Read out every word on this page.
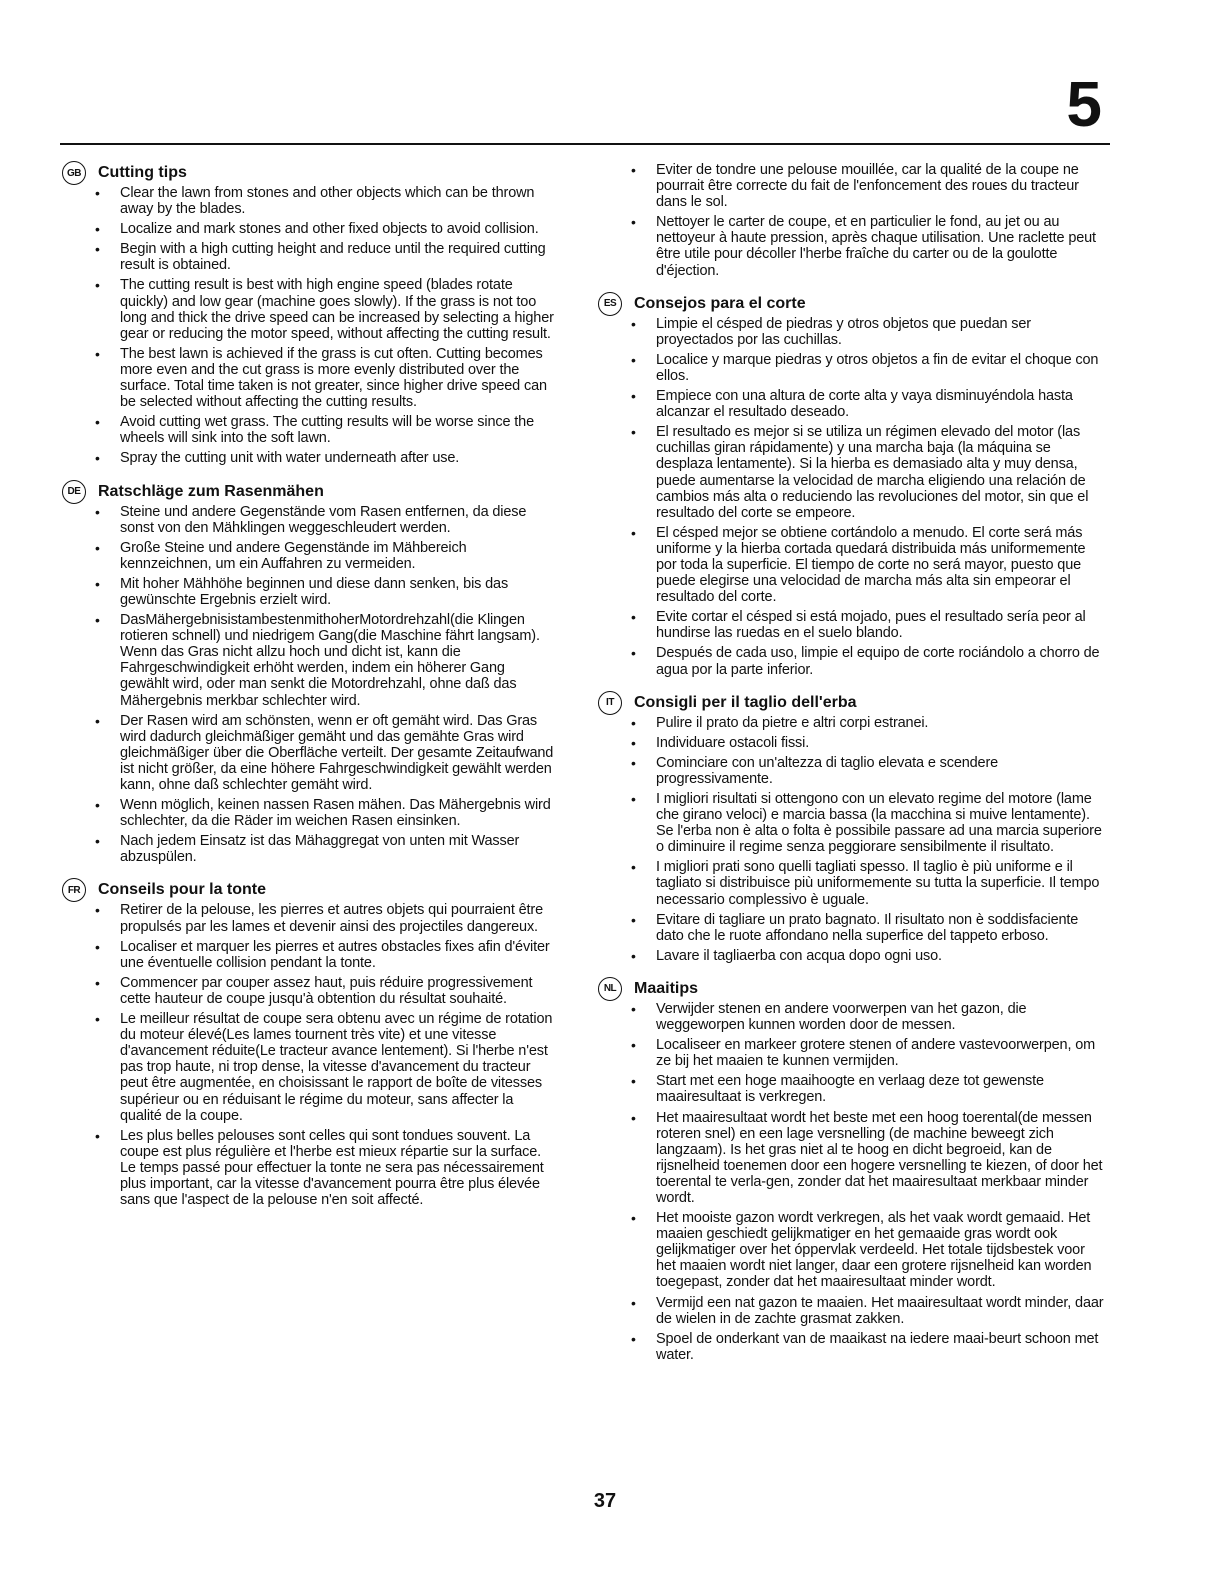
5
GB	Cutting tips
• Clear the lawn from stones and other objects which can be thrown away by the blades.
• Localize and mark stones and other fixed objects to avoid collision.
• Begin with a high cutting height and reduce until the required cutting result is obtained.
• The cutting result is best with high engine speed (blades rotate quickly) and low gear (machine goes slowly). If the grass is not too long and thick the drive speed can be increased by selecting a higher gear or reducing the motor speed, without affecting the cutting result.
• The best lawn is achieved if the grass is cut often. Cutting becomes more even and the cut grass is more evenly distributed over the surface. Total time taken is not greater, since higher drive speed can be selected without affecting the cutting results.
• Avoid cutting wet grass. The cutting results will be worse since the wheels will sink into the soft lawn.
• Spray the cutting unit with water underneath after use.
DE	Ratschläge zum Rasenmähen
• Steine und andere Gegenstände vom Rasen entfernen, da diese sonst von den Mähklingen weggeschleudert werden.
• Große Steine und andere Gegenstände im Mähbereich kennzeichnen, um ein Auffahren zu vermeiden.
• Mit hoher Mähhöhe beginnen und diese dann senken, bis das gewünschte Ergebnis erzielt wird.
• DasMähergebnisistambestenmithoherMotordrehzahl(die Klingen rotieren schnell) und niedrigem Gang(die Maschine fährt langsam). Wenn das Gras nicht allzu hoch und dicht ist, kann die Fahrgeschwindigkeit erhöht werden, indem ein höherer Gang gewählt wird, oder man senkt die Motordrehzahl, ohne daß das Mähergebnis merkbar schlechter wird.
• Der Rasen wird am schönsten, wenn er oft gemäht wird. Das Gras wird dadurch gleichmäßiger gemäht und das gemähte Gras wird gleichmäßiger über die Oberfläche verteilt. Der gesamte Zeitaufwand ist nicht größer, da eine höhere Fahrgeschwindigkeit gewählt werden kann, ohne daß schlechter gemäht wird.
• Wenn möglich, keinen nassen Rasen mähen. Das Mähergebnis wird schlechter, da die Räder im weichen Rasen einsinken.
• Nach jedem Einsatz ist das Mähaggregat von unten mit Wasser abzuspülen.
FR	Conseils pour la tonte
• Retirer de la pelouse, les pierres et autres objets qui pourraient être propulsés par les lames et devenir ainsi des projectiles dangereux.
• Localiser et marquer les pierres et autres obstacles fixes afin d'éviter une éventuelle collision pendant la tonte.
• Commencer par couper assez haut, puis réduire progressivement cette hauteur de coupe jusqu'à obtention du résultat souhaité.
• Le meilleur résultat de coupe sera obtenu avec un régime de rotation du moteur élevé(Les lames tournent très vite) et une vitesse d'avancement réduite(Le tracteur avance lentement). Si l'herbe n'est pas trop haute, ni trop dense, la vitesse d'avancement du tracteur peut être augmentée, en choisissant le rapport de boîte de vitesses supérieur ou en réduisant le régime du moteur, sans affecter la qualité de la coupe.
• Les plus belles pelouses sont celles qui sont tondues souvent. La coupe est plus régulière et l'herbe est mieux répartie sur la surface. Le temps passé pour effectuer la tonte ne sera pas nécessairement plus important, car la vitesse d'avancement pourra être plus élevée sans que l'aspect de la pelouse n'en soit affecté.
• Eviter de tondre une pelouse mouillée, car la qualité de la coupe ne pourrait être correcte du fait de l'enfoncement des roues du tracteur dans le sol.
• Nettoyer le carter de coupe, et en particulier le fond, au jet ou au nettoyeur à haute pression, après chaque utilisation. Une raclette peut être utile pour décoller l'herbe fraîche du carter ou de la goulotte d'éjection.
ES	Consejos para el corte
• Limpie el césped de piedras y otros objetos que puedan ser proyectados por las cuchillas.
• Localice y marque piedras y otros objetos a fin de evitar el choque con ellos.
• Empiece con una altura de corte alta y vaya disminuyéndola hasta alcanzar el resultado deseado.
• El resultado es mejor si se utiliza un régimen elevado del motor (las cuchillas giran rápidamente) y una marcha baja (la máquina se desplaza lentamente). Si la hierba es demasiado alta y muy densa, puede aumentarse la velocidad de marcha eligiendo una relación de cambios más alta o reduciendo las revoluciones del motor, sin que el resultado del corte se empeore.
• El césped mejor se obtiene cortándolo a menudo. El corte será más uniforme y la hierba cortada quedará distribuida más uniformemente por toda la superficie. El tiempo de corte no será mayor, puesto que puede elegirse una velocidad de marcha más alta sin empeorar el resultado del corte.
• Evite cortar el césped si está mojado, pues el resultado sería peor al hundirse las ruedas en el suelo blando.
• Después de cada uso, limpie el equipo de corte rociándolo a chorro de agua por la parte inferior.
IT	Consigli per il taglio dell'erba
• Pulire il prato da pietre e altri corpi estranei.
• Individuare ostacoli fissi.
• Cominciare con un'altezza di taglio elevata e scendere progressivamente.
• I migliori risultati si ottengono con un elevato regime del motore (lame che girano veloci) e marcia bassa (la macchina si muive lentamente). Se l'erba non è alta o folta è possibile passare ad una marcia superiore o diminuire il regime senza peggiorare sensibilmente il risultato.
• I migliori prati sono quelli tagliati spesso. Il taglio è più uniforme e il tagliato si distribuisce più uniformemente su tutta la superficie. Il tempo necessario complessivo è uguale.
• Evitare di tagliare un prato bagnato. Il risultato non è soddisfaciente dato che le ruote affondano nella superfice del tappeto erboso.
• Lavare il tagliaerba con acqua dopo ogni uso.
NL	Maaitips
• Verwijder stenen en andere voorwerpen van het gazon, die weggeworpen kunnen worden door de messen.
• Localiseer en markeer grotere stenen of andere vastevoorwerpen, om ze bij het maaien te kunnen vermijden.
• Start met een hoge maaihoogte en verlaag deze tot gewenste maairesultaat is verkregen.
• Het maairesultaat wordt het beste met een hoog toerental(de messen roteren snel) en een lage versnelling (de machine beweegt zich langzaam). Is het gras niet al te hoog en dicht begroeid, kan de rijsnelheid toenemen door een hogere versnelling te kiezen, of door het toerental te verla-gen, zonder dat het maairesultaat merkbaar minder wordt.
• Het mooiste gazon wordt verkregen, als het vaak wordt gemaaid. Het maaien geschiedt gelijkmatiger en het gemaaide gras wordt ook gelijkmatiger over het óppervlak verdeeld. Het totale tijdsbestek voor het maaien wordt niet langer, daar een grotere rijsnelheid kan worden toegepast, zonder dat het maairesultaat minder wordt.
• Vermijd een nat gazon te maaien. Het maairesultaat wordt minder, daar de wielen in de zachte grasmat zakken.
• Spoel de onderkant van de maaikast na iedere maai-beurt schoon met water.
37
